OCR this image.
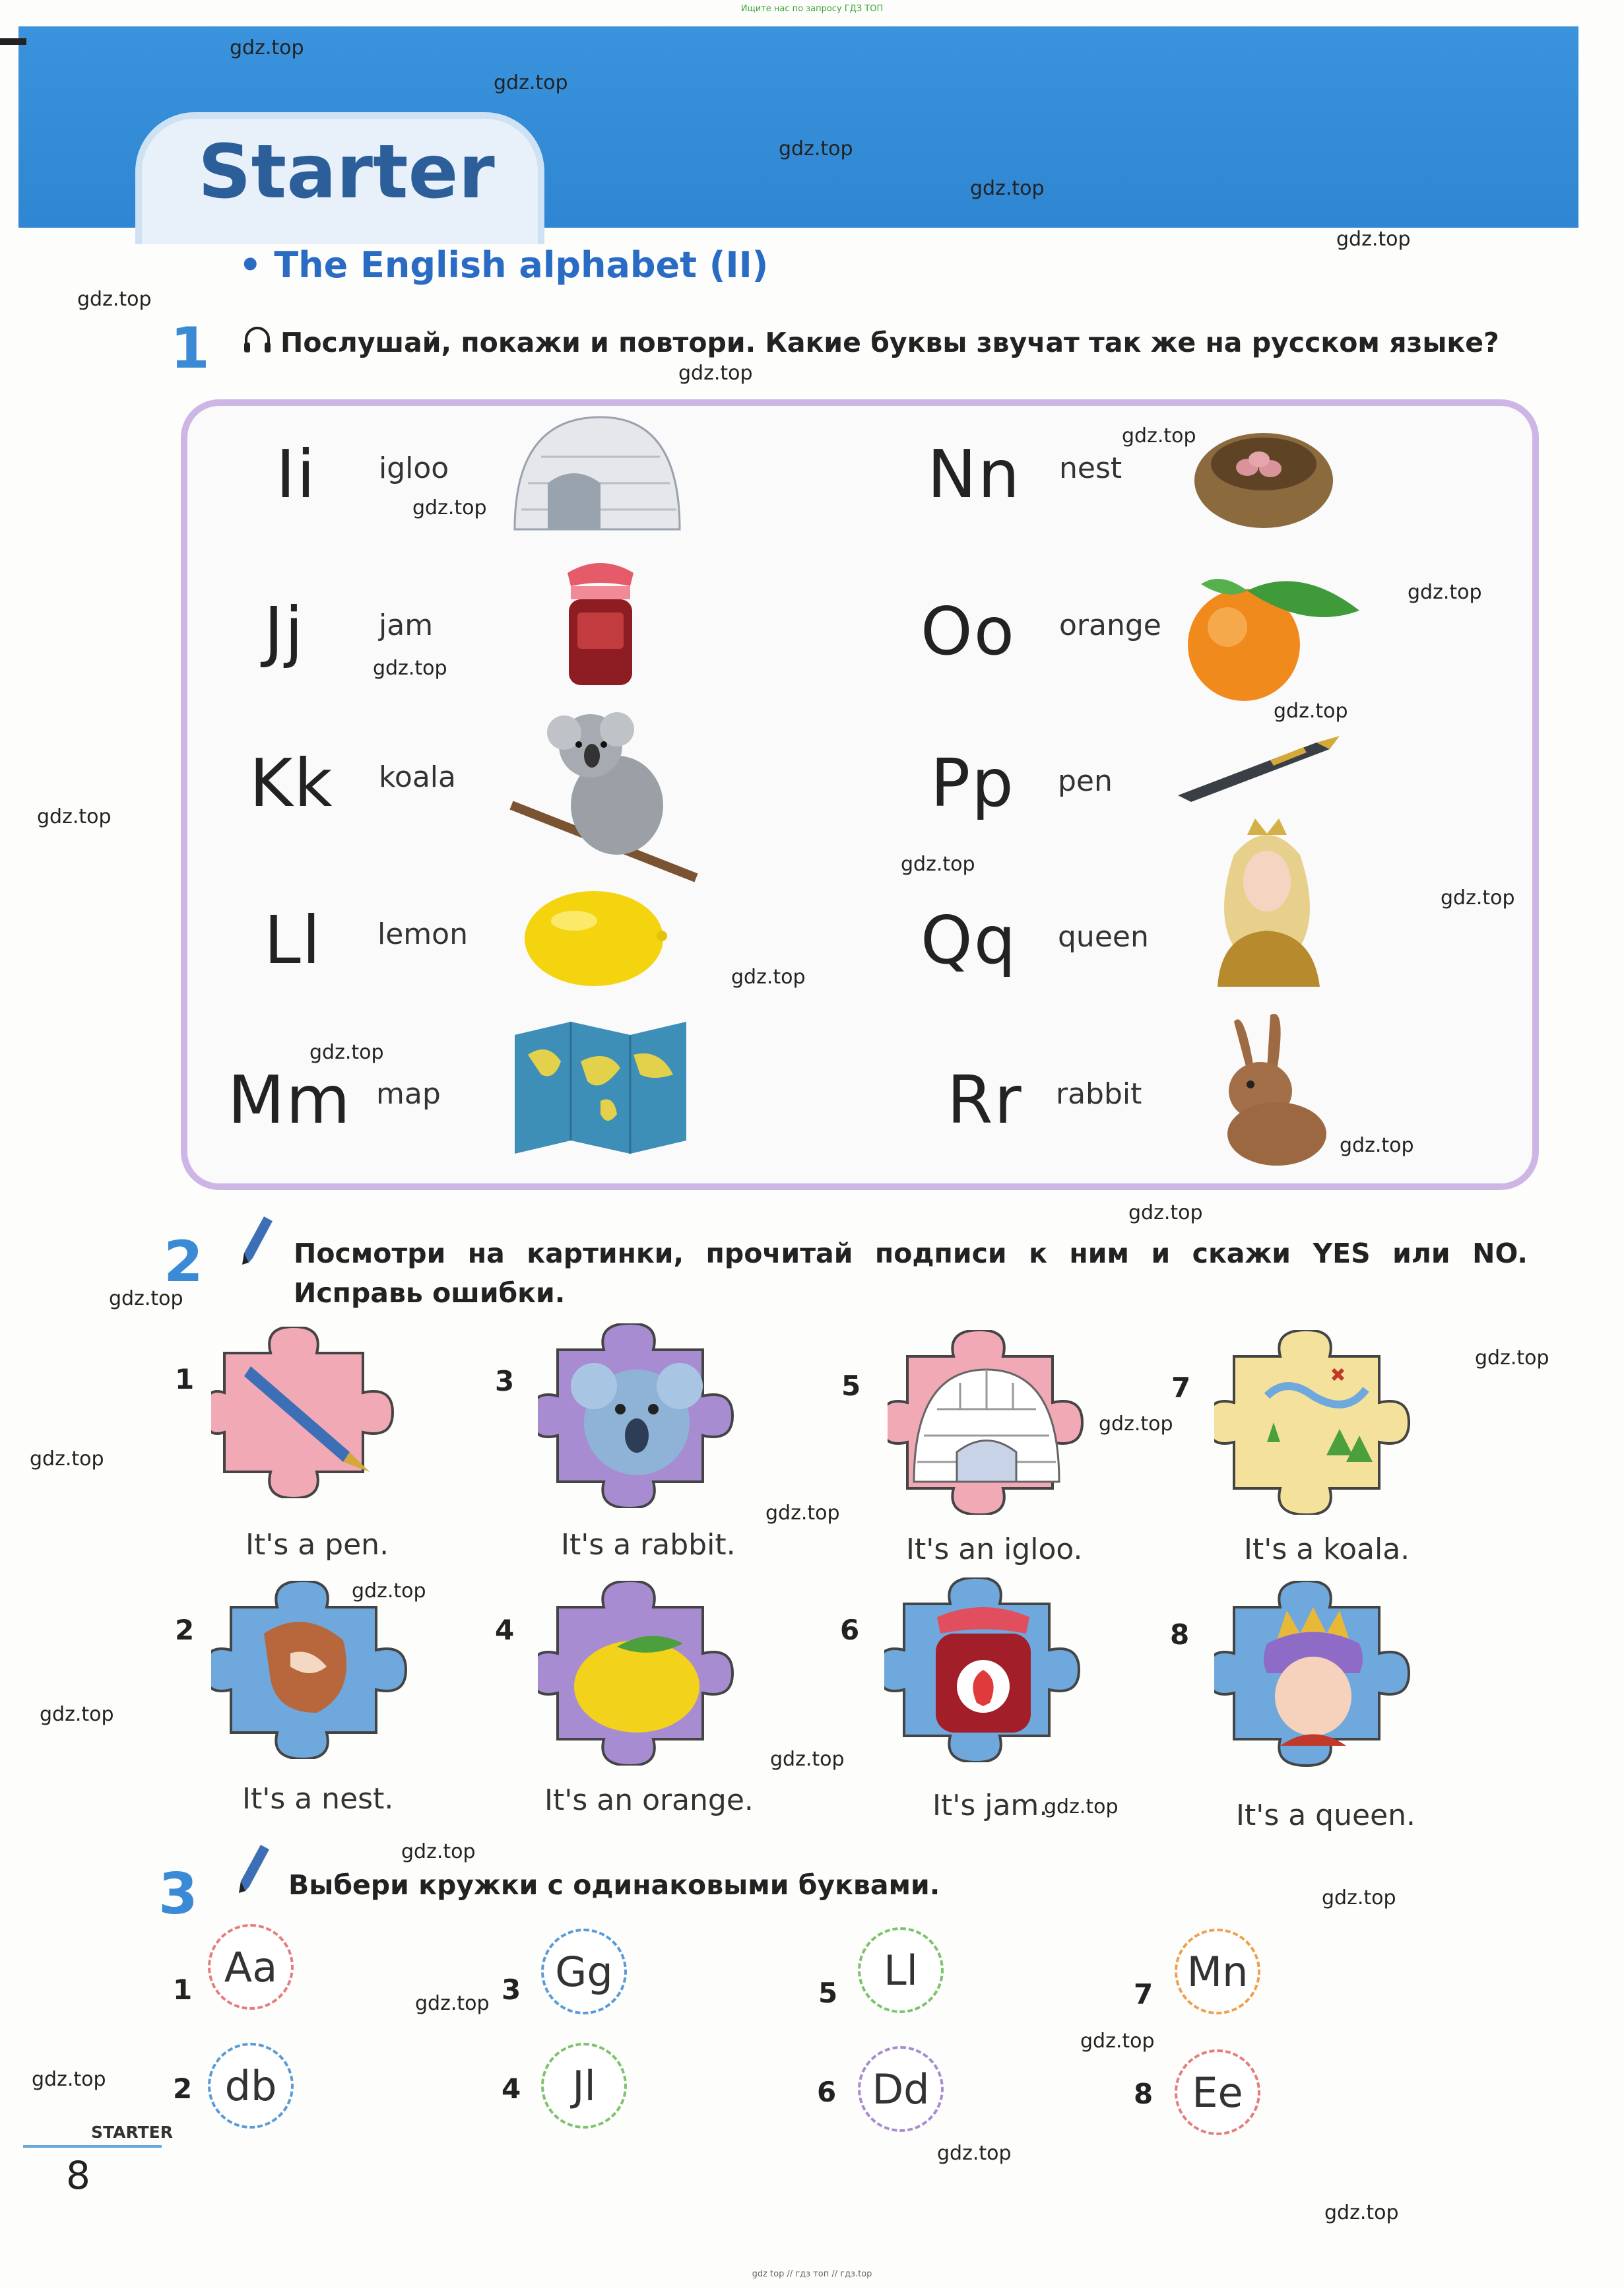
Ищите нас по запросу ГДЗ ТОП
Starter
• The English alphabet (II)
1	Послушай, покажи и повтори. Какие буквы звучат так же на русском языке?
Ii igloo
Jj	jam
Kk koala
Ll lemon
Mm map
Nn nest
Oo orange
Pp pen
Qq queen
Rr rabbit
2	Посмотри на картинки, прочитай подписи к ним и скажи YES или NO.
Исправь ошибки.
1
It's a pen.
2
It's a nest.
3
It's a rabbit.
4
It's an orange.
5
It's an igloo.
6
It's jam.
7
It's a koala.
8
It's a queen.
3	Выбери кружки с одинаковыми буквами.
1 Aa
2 db
3 Gg
4	Jl
5	Ll
6 Dd
7 Mn
8 Ee
STARTER
8
gdz top // гдз топ // гдз.top
gdz.top
gdz.top
gdz.top
gdz.top
gdz.top
gdz.top
gdz.top
gdz.top
gdz.top
gdz.top
gdz.top
gdz.top
gdz.top
gdz.top
gdz.top
gdz.top
gdz.top
gdz.top
gdz.top
gdz.top
gdz.top
gdz.top
gdz.top
gdz.top
gdz.top
gdz.top
gdz.top
gdz.top
gdz.top
gdz.top
gdz.top
gdz.top
gdz.top
gdz.top
gdz.top
